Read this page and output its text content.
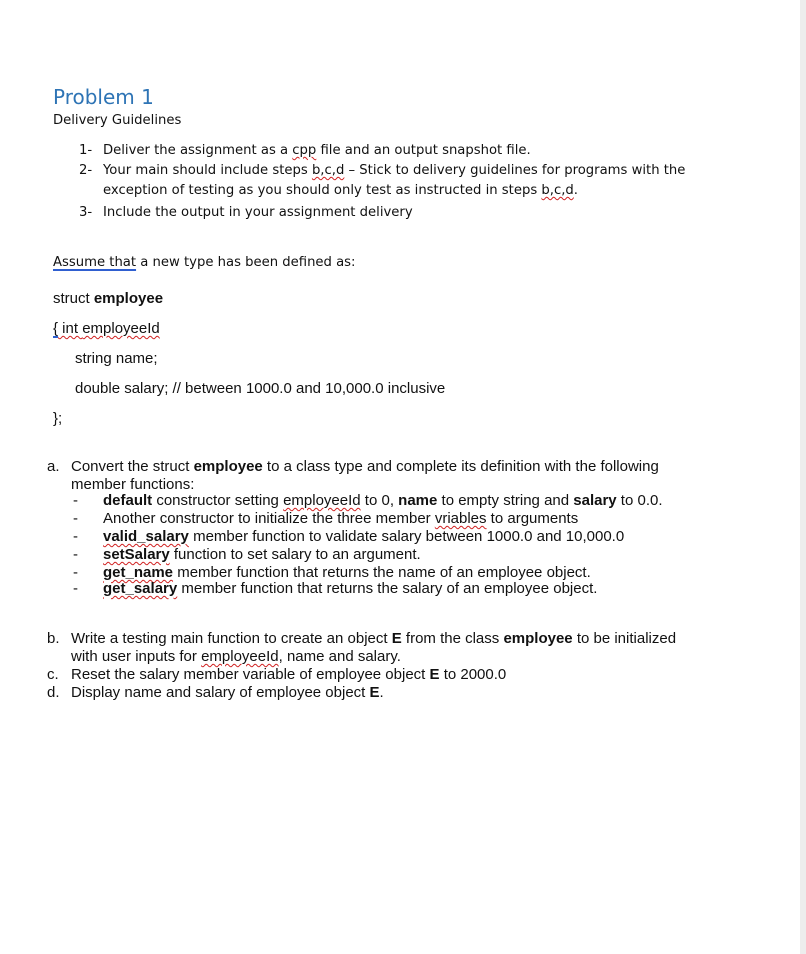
Problem 1
Delivery Guidelines
1- Deliver the assignment as a cpp file and an output snapshot file.
2- Your main should include steps b,c,d – Stick to delivery guidelines for programs with the
exception of testing as you should only test as instructed in steps b,c,d.
3- Include the output in your assignment delivery
Assume that a new type has been defined as:
struct employee
{ int employeeId
string name;
double salary; // between 1000.0 and 10,000.0 inclusive
};
a. Convert the struct employee to a class type and complete its definition with the following
member functions:
- default constructor setting employeeId to 0, name to empty string and salary to 0.0.
- Another constructor to initialize the three member vriables to arguments
- valid_salary member function to validate salary between 1000.0 and 10,000.0
- setSalary function to set salary to an argument.
- get_name member function that returns the name of an employee object.
- get_salary member function that returns the salary of an employee object.
b. Write a testing main function to create an object E from the class employee to be initialized
with user inputs for employeeId, name and salary.
c. Reset the salary member variable of employee object E to 2000.0
d. Display name and salary of employee object E.
